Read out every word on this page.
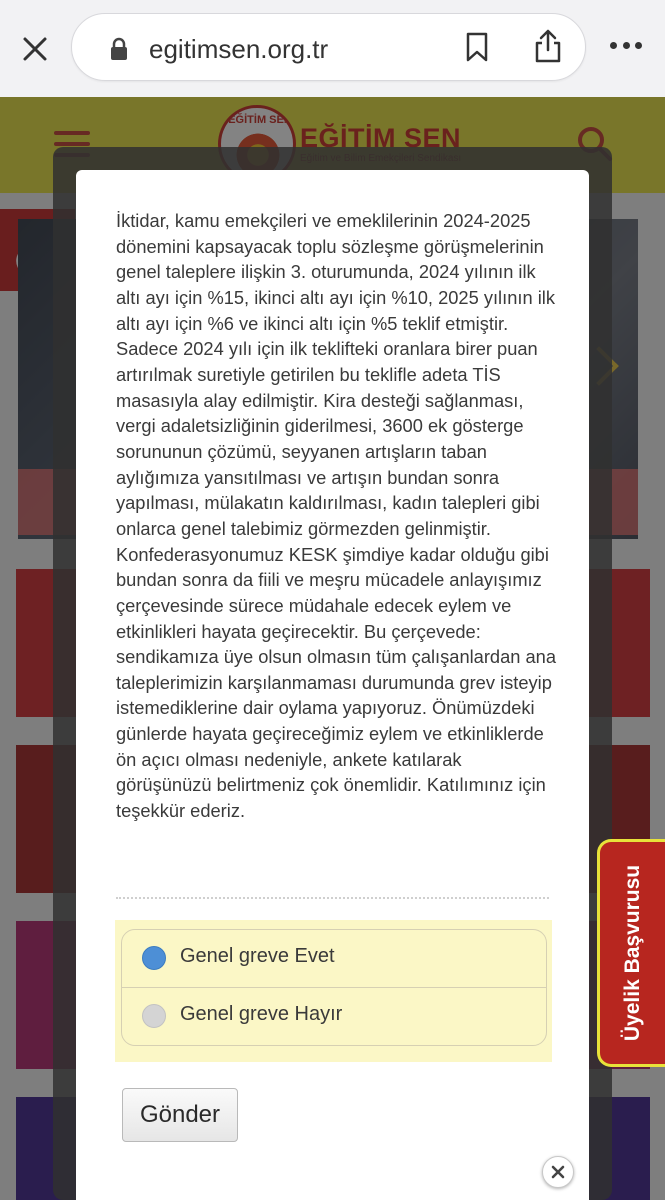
egitimsen.org.tr
Üyelik Başvurusu
İktidar, kamu emekçileri ve emeklilerinin 2024-2025 dönemini kapsayacak toplu sözleşme görüşmelerinin genel taleplere ilişkin 3. oturumunda, 2024 yılının ilk altı ayı için %15, ikinci altı ayı için %10, 2025 yılının ilk altı ayı için %6 ve ikinci altı için %5 teklif etmiştir. Sadece 2024 yılı için ilk teklifteki oranlara birer puan artırılmak suretiyle getirilen bu teklifle adeta TİS masasıyla alay edilmiştir. Kira desteği sağlanması, vergi adaletsizliğinin giderilmesi, 3600 ek gösterge sorununun çözümü, seyyanen artışların taban aylığımıza yansıtılması ve artışın bundan sonra yapılması, mülakatın kaldırılması, kadın talepleri gibi onlarca genel talebimiz görmezden gelinmiştir. Konfederasyonumuz KESK şimdiye kadar olduğu gibi bundan sonra da fiili ve meşru mücadele anlayışımız çerçevesinde sürece müdahale edecek eylem ve etkinlikleri hayata geçirecektir. Bu çerçevede: sendikamıza üye olsun olmasın tüm çalışanlardan ana taleplerimizin karşılanmaması durumunda grev isteyip istemediklerine dair oylama yapıyoruz. Önümüzdeki günlerde hayata geçireceğimiz eylem ve etkinliklerde ön açıcı olması nedeniyle, ankete katılarak görüşünüzü belirtmeniz çok önemlidir. Katılımınız için teşekkür ederiz.
Genel greve Evet
Genel greve Hayır
Gönder
